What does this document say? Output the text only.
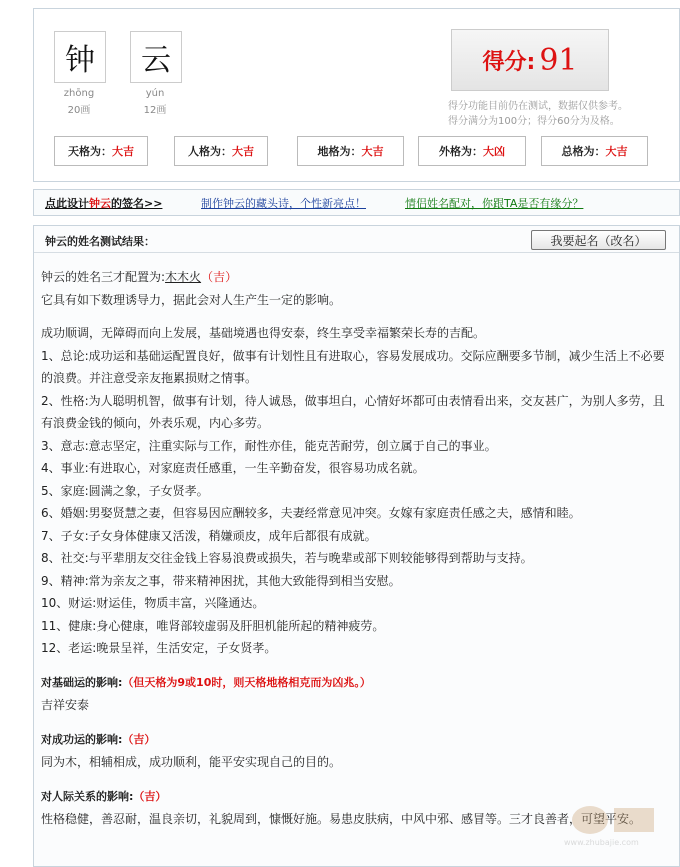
钟
zhōng
20画
云
yún
12画
得分: 91
得分功能目前仍在测试，数据仅供参考。
得分满分为100分；得分60分为及格。
天格为： 大吉	人格为： 大吉	地格为： 大吉	外格为： 大凶	总格为： 大吉
点此设计钟云的签名>>	制作钟云的藏头诗，个性新亮点！	情侣姓名配对，你跟TA是否有缘分？
钟云的姓名测试结果：	我要起名（改名）

钟云的姓名三才配置为:木木火（吉）

它具有如下数理诱导力，据此会对人生产生一定的影响。

成功顺调，无障碍而向上发展，基础境遇也得安泰，终生享受幸福繁荣长寿的吉配。

1、总论:成功运和基础运配置良好，做事有计划性且有进取心，容易发展成功。交际应酬要多节制，减少生活上不必要的浪费。并注意受亲友拖累损财之情事。

2、性格:为人聪明机智，做事有计划，待人诚恳，做事坦白，心情好坏都可由表情看出来，交友甚广，为别人多劳，且有浪费金钱的倾向，外表乐观，内心多劳。

3、意志:意志坚定，注重实际与工作，耐性亦佳，能克苦耐劳，创立属于自己的事业。

4、事业:有进取心，对家庭责任感重，一生辛勤奋发，很容易功成名就。

5、家庭:圆满之象，子女贤孝。

6、婚姻:男娶贤慧之妻，但容易因应酬较多，夫妻经常意见冲突。女嫁有家庭责任感之夫，感情和睦。

7、子女:子女身体健康又活泼，稍嫌顽皮，成年后都很有成就。

8、社交:与平辈朋友交往金钱上容易浪费或损失，若与晚辈或部下则较能够得到帮助与支持。

9、精神:常为亲友之事，带来精神困扰，其他大致能得到相当安慰。

10、财运:财运佳，物质丰富，兴隆通达。

11、健康:身心健康，唯肾部较虚弱及肝胆机能所起的精神疲劳。

12、老运:晚景呈祥，生活安定，子女贤孝。

对基础运的影响:（但天格为9或10时，则天格地格相克而为凶兆。）

吉祥安泰

对成功运的影响:（吉）

同为木，相辅相成，成功顺利，能平安实现自己的目的。

对人际关系的影响:（吉）

性格稳健，善忍耐，温良亲切，礼貌周到，慷慨好施。易患皮肤病，中风中邪、感冒等。三才良善者，可望平安。

www.zhubajie.com
